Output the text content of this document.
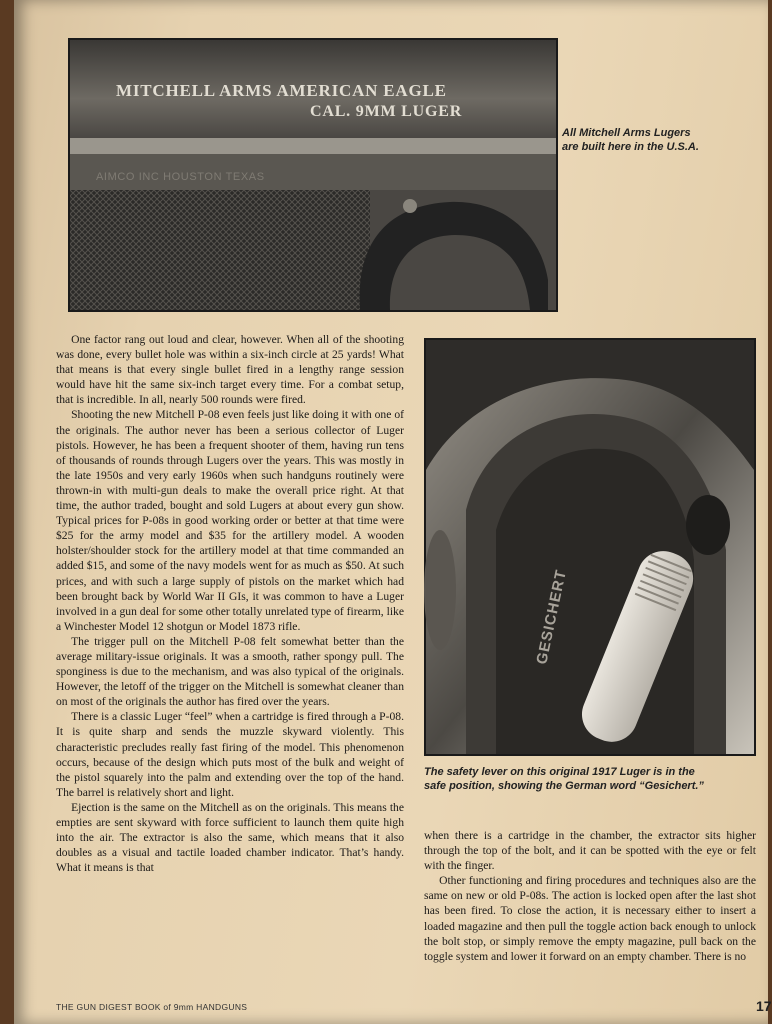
MITCHELL ARMS AMERICAN EAGLE
CAL. 9MM LUGER
AIMCO INC HOUSTON TEXAS
All Mitchell Arms Lugers
are built here in the U.S.A.
GESICHERT
The safety lever on this original 1917 Luger is in the
safe position, showing the German word “Gesichert.”

One factor rang out loud and clear, however. When all of the shooting was done, every bullet hole was within a six-inch circle at 25 yards! What that means is that every single bullet fired in a lengthy range session would have hit the same six-inch target every time. For a combat setup, that is incredible. In all, nearly 500 rounds were fired.

Shooting the new Mitchell P-08 even feels just like doing it with one of the originals. The author never has been a serious collector of Luger pistols. However, he has been a frequent shooter of them, having run tens of thousands of rounds through Lugers over the years. This was mostly in the late 1950s and very early 1960s when such handguns routinely were thrown-in with multi-gun deals to make the overall price right. At that time, the author traded, bought and sold Lugers at about every gun show. Typical prices for P-08s in good working order or better at that time were $25 for the army model and $35 for the artillery model. A wooden holster/shoulder stock for the artillery model at that time commanded an added $15, and some of the navy models went for as much as $50. At such prices, and with such a large supply of pistols on the market which had been brought back by World War II GIs, it was common to have a Luger involved in a gun deal for some other totally unrelated type of firearm, like a Winchester Model 12 shotgun or Model 1873 rifle.

The trigger pull on the Mitchell P-08 felt somewhat better than the average military-issue originals. It was a smooth, rather spongy pull. The sponginess is due to the mechanism, and was also typical of the originals. However, the letoff of the trigger on the Mitchell is somewhat cleaner than on most of the originals the author has fired over the years.

There is a classic Luger “feel” when a cartridge is fired through a P-08. It is quite sharp and sends the muzzle skyward violently. This characteristic precludes really fast firing of the model. This phenomenon occurs, because of the design which puts most of the bulk and weight of the pistol squarely into the palm and extending over the top of the hand. The barrel is relatively short and light.

Ejection is the same on the Mitchell as on the originals. This means the empties are sent skyward with force sufficient to launch them quite high into the air. The extractor is also the same, which means that it also doubles as a visual and tactile loaded chamber indicator. That’s handy. What it means is that

when there is a cartridge in the chamber, the extractor sits higher through the top of the bolt, and it can be spotted with the eye or felt with the finger.

Other functioning and firing procedures and techniques also are the same on new or old P-08s. The action is locked open after the last shot has been fired. To close the action, it is necessary either to insert a loaded magazine and then pull the toggle action back enough to unlock the bolt stop, or simply remove the empty magazine, pull back on the toggle system and lower it forward on an empty chamber. There is no

THE GUN DIGEST BOOK of 9mm HANDGUNS	17
